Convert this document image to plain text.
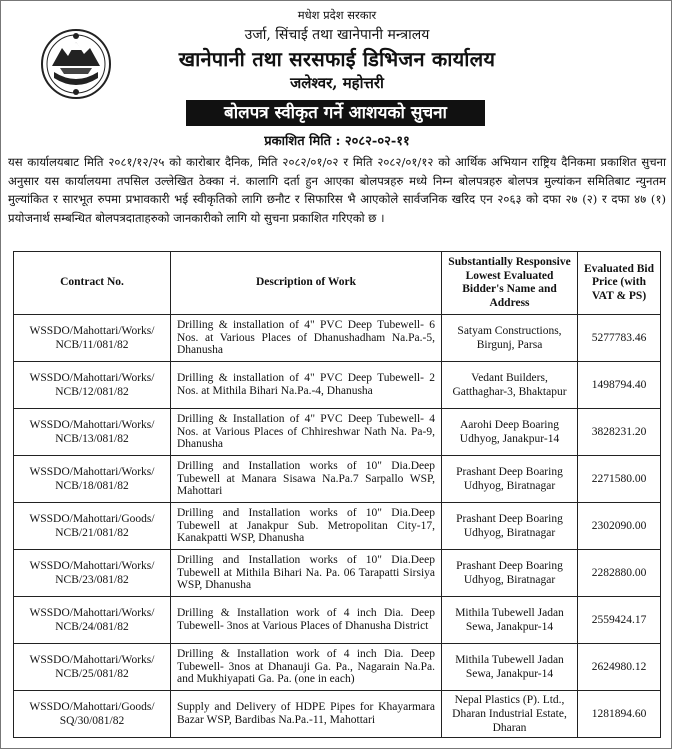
मधेश प्रदेश सरकार
उर्जा, सिंचाई तथा खानेपानी मन्त्रालय
खानेपानी तथा सरसफाई डिभिजन कार्यालय
जलेश्वर, महोत्तरी
बोलपत्र स्वीकृत गर्ने आशयको सुचना
प्रकाशित मिति : २०८२-०२-११
यस कार्यालयबाट मिति २०८१/१२/२५ को कारोबार दैनिक, मिति २०८२/०१/०२ र मिति २०८२/०१/१२ को आर्थिक अभियान राष्ट्रिय दैनिकमा प्रकाशित सुचना अनुसार यस कार्यालयमा तपसिल उल्लेखित ठेक्का नं. कालागि दर्ता हुन आएका बोलपत्रहरु मध्ये निम्न बोलपत्रहरु बोलपत्र मुल्यांकन समितिबाट न्युनतम मुल्यांकित र सारभूत रुपमा प्रभावकारी भई स्वीकृतिको लागि छनौट र सिफारिस भै आएकोले सार्वजनिक खरिद एन २०६३ को दफा २७ (२) र दफा ४७ (१) प्रयोजनार्थ सम्बन्धित बोलपत्रदाताहरुको जानकारीको लागि यो सुचना प्रकाशित गरिएको छ ।
Contract No.	Description of Work	Substantially Responsive Lowest Evaluated Bidder's Name and Address	Evaluated Bid Price (with VAT & PS)
WSSDO/Mahottari/Works/ NCB/11/081/82	Drilling & installation of 4" PVC Deep Tubewell- 6 Nos. at Various Places of Dhanushadham Na.Pa.-5, Dhanusha	Satyam Constructions, Birgunj, Parsa	5277783.46
WSSDO/Mahottari/Works/ NCB/12/081/82	Drilling & installation of 4" PVC Deep Tubewell- 2 Nos. at Mithila Bihari Na.Pa.-4, Dhanusha	Vedant Builders, Gatthaghar-3, Bhaktapur	1498794.40
WSSDO/Mahottari/Works/ NCB/13/081/82	Drilling & Installation of 4" PVC Deep Tubewell- 4 Nos. at Various Places of Chhireshwar Nath Na. Pa-9, Dhanusha	Aarohi Deep Boaring Udhyog, Janakpur-14	3828231.20
WSSDO/Mahottari/Works/ NCB/18/081/82	Drilling and Installation works of 10" Dia.Deep Tubewell at Manara Sisawa Na.Pa.7 Sarpallo WSP, Mahottari	Prashant Deep Boaring Udhyog, Biratnagar	2271580.00
WSSDO/Mahottari/Goods/ NCB/21/081/82	Drilling and Installation works of 10" Dia.Deep Tubewell at Janakpur Sub. Metropolitan City-17, Kanakpatti WSP, Dhanusha	Prashant Deep Boaring Udhyog, Biratnagar	2302090.00
WSSDO/Mahottari/Works/ NCB/23/081/82	Drilling and Installation works of 10" Dia.Deep Tubewell at Mithila Bihari Na. Pa. 06 Tarapatti Sirsiya WSP, Dhanusha	Prashant Deep Boaring Udhyog, Biratnagar	2282880.00
WSSDO/Mahottari/Works/ NCB/24/081/82	Drilling & Installation work of 4 inch Dia. Deep Tubewell- 3nos at Various Places of Dhanusha District	Mithila Tubewell Jadan Sewa, Janakpur-14	2559424.17
WSSDO/Mahottari/Works/ NCB/25/081/82	Drilling & Installation work of 4 inch Dia. Deep Tubewell- 3nos at Dhanauji Ga. Pa., Nagarain Na.Pa. and Mukhiyapati Ga. Pa. (one in each)	Mithila Tubewell Jadan Sewa, Janakpur-14	2624980.12
WSSDO/Mahottari/Goods/ SQ/30/081/82	Supply and Delivery of HDPE Pipes for Khayarmara Bazar WSP, Bardibas Na.Pa.-11, Mahottari	Nepal Plastics (P). Ltd., Dharan Industrial Estate, Dharan	1281894.60
